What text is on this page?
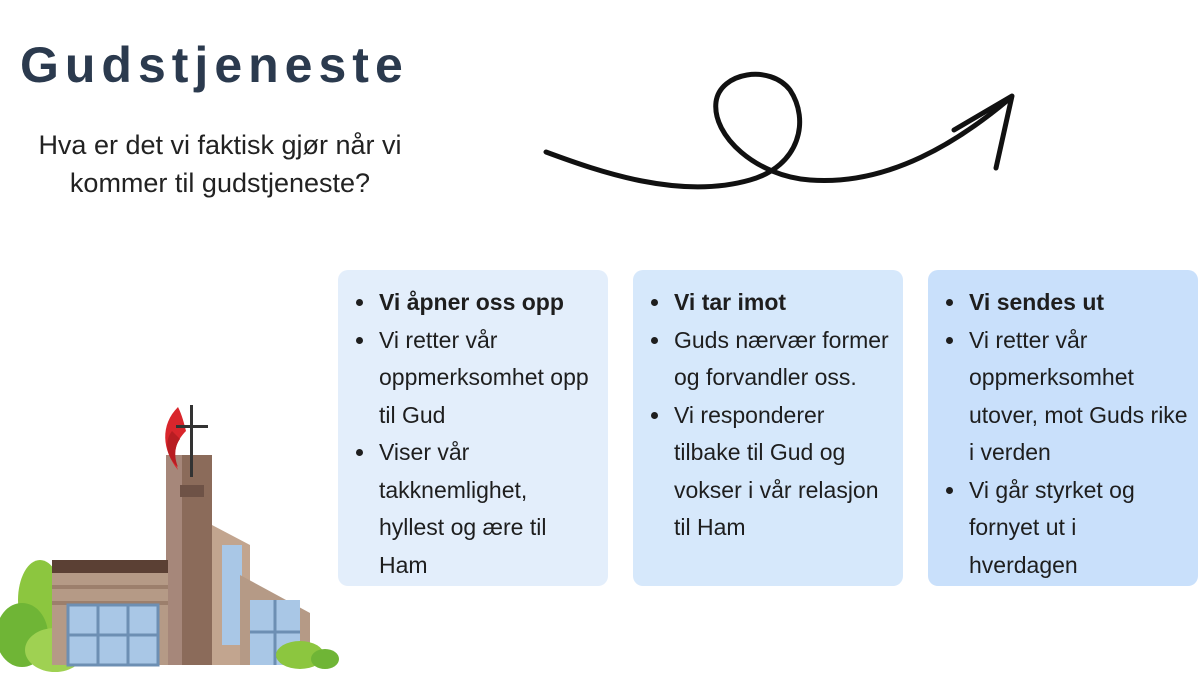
Gudstjeneste
Hva er det vi faktisk gjør når vi kommer til gudstjeneste?
Vi åpner oss opp
Vi retter vår oppmerksomhet opp til Gud
Viser vår takknemlighet, hyllest og ære til Ham
Vi tar imot
Guds nærvær former og forvandler oss.
Vi responderer tilbake til Gud og vokser i vår relasjon til Ham
Vi sendes ut
Vi retter vår oppmerksomhet utover, mot Guds rike i verden
Vi går styrket og fornyet ut i hverdagen
